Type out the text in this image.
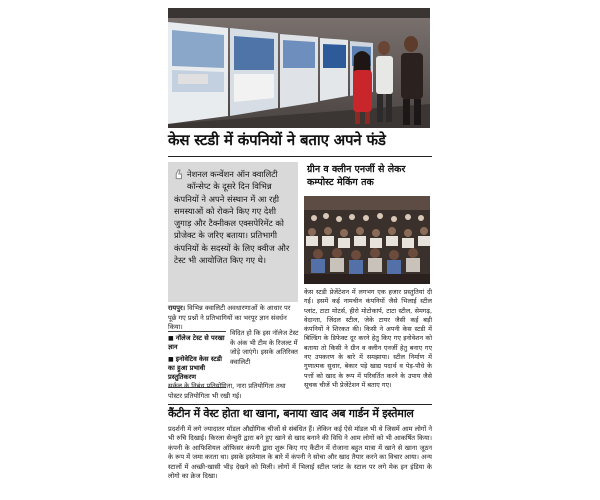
केस स्टडी में कंपनियों ने बताए अपने फंडे
❛ नेशनल कन्वेंशन ऑन क्वालिटी कॉन्सेप्ट के दूसरे दिन विभिन्न कंपनियों ने अपने संस्थान में आ रही समस्याओं को रोकने किए गए देशी जुगाड़ और टैक्नीकल एक्सपेरिमेंट को प्रोजेक्ट के जरिए बताया। प्रतिभागी कंपनियों के सदस्यों के लिए क्वीज और टेस्ट भी आयोजित किए गए थे।
ग्रीन व क्लीन एनर्जी से लेकर कम्पोस्ट मेकिंग तक
केस स्टडी प्रेजेंटेशन में लगभग एक हजार प्रस्तुतियां दी गईं। इसमें कई नामचीन कंपनियों जैसे भिलाई स्टील प्लांट, टाटा मोटर्स, हीरो मोटोकार्प, टाटा स्टील, सेमगढ़, वेदान्ता, जिंदल स्टील, जेके टायर जैसी कई बड़ी कंपनियों ने शिरकत की। किसी ने अपनी केस स्टडी में बिल्डिंग के डिफेक्ट दूर करने हेतु किए गए इनोवेशन को बताया तो किसी ने ग्रीन व क्लीन एनर्जी हेतु बनाए गए नए उपकरण के बारे में समझाया। स्टील निर्माण में गुणात्मक सुधार, बेकार पड़े खाद्य पदार्थ व पेड़-पौधे के पत्तों को खाद के रूप में परिवर्तित करने के उपाय जैसे सूचक चीजें भी प्रेजेंटेशन में बताए गए।
रायपुर। विभिन्न क्वालिटी अवधारणाओं के आधार पर पूछे गए प्रश्नों ने प्रतिभागियों का भरपूर ज्ञान संवर्धन किया।
■ नॉलेज टेस्ट से परखा ज्ञान
■ इनोवेटिव केस स्टडी का हुआ प्रभावी प्रस्तुतिकरण
विदित हो कि इस नॉलेज टेस्ट के अंक भी टीम के रिजल्ट में जोड़े जाएंगे। इसके अतिरिक्त क्वालिटी
सर्कल के निबंध प्रतियोगिता, नारा प्रतियोगिता तथा पोस्टर प्रतियोगिता भी रखी गई।
कैंटीन में वेस्ट होता था खाना, बनाया खाद अब गार्डन में इस्तेमाल
प्रदर्शनी में लगे ज्यादातर मॉडल औद्योगिक चीजों से संबंधित हैं। लेकिन कई ऐसे मॉडल भी थे जिसमें आम लोगों ने भी रुचि दिखाई। किरला सेन्चुरी द्वारा बने हुए खाने से खाद बनाने की विधि ने आम लोगों को भी आकर्षित किया। कंपनी के आफिशियल ऑफिसर कंपनी द्वारा शुरू किए गए कैंटीन में रोजाना बहुत मात्रा में खाने से खाना जूठन के रूप में जमा करता था। इसके इस्तेमाल के बारे में कंपनी ने सोचा और खाद तैयार करने का विचार आया। अन्य स्टालों में अच्छी-खासी भीड़ देखने को मिली। लोगों में भिलाई स्टील प्लांट के स्टाल पर लगे मेक इन इंडिया के लोगो का क्रेज दिखा।
